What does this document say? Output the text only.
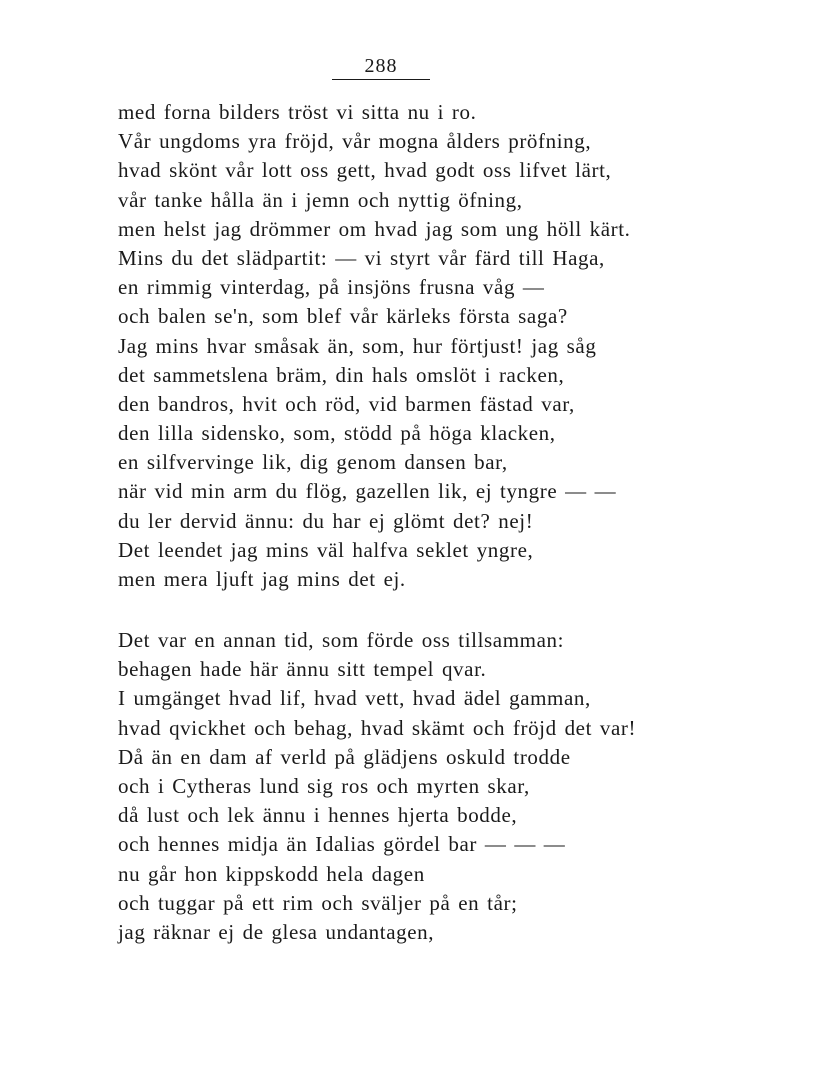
288
med forna bilders tröst vi sitta nu i ro.
Vår ungdoms yra fröjd, vår mogna ålders pröfning,
hvad skönt vår lott oss gett, hvad godt oss lifvet lärt,
vår tanke hålla än i jemn och nyttig öfning,
men helst jag drömmer om hvad jag som ung höll kärt.
Mins du det slädpartit: — vi styrt vår färd till Haga,
en rimmig vinterdag, på insjöns frusna våg —
och balen se'n, som blef vår kärleks första saga?
Jag mins hvar småsak än, som, hur förtjust! jag såg
det sammetslena bräm, din hals omslöt i racken,
den bandros, hvit och röd, vid barmen fästad var,
den lilla sidensko, som, stödd på höga klacken,
en silfvervinge lik, dig genom dansen bar,
när vid min arm du flög, gazellen lik, ej tyngre — —
du ler dervid ännu: du har ej glömt det? nej!
Det leendet jag mins väl halfva seklet yngre,
men mera ljuft jag mins det ej.
Det var en annan tid, som förde oss tillsamman:
behagen hade här ännu sitt tempel qvar.
I umgänget hvad lif, hvad vett, hvad ädel gamman,
hvad qvickhet och behag, hvad skämt och fröjd det var!
Då än en dam af verld på glädjens oskuld trodde
och i Cytheras lund sig ros och myrten skar,
då lust och lek ännu i hennes hjerta bodde,
och hennes midja än Idalias gördel bar — — —
nu går hon kippskodd hela dagen
och tuggar på ett rim och sväljer på en tår;
jag räknar ej de glesa undantagen,
